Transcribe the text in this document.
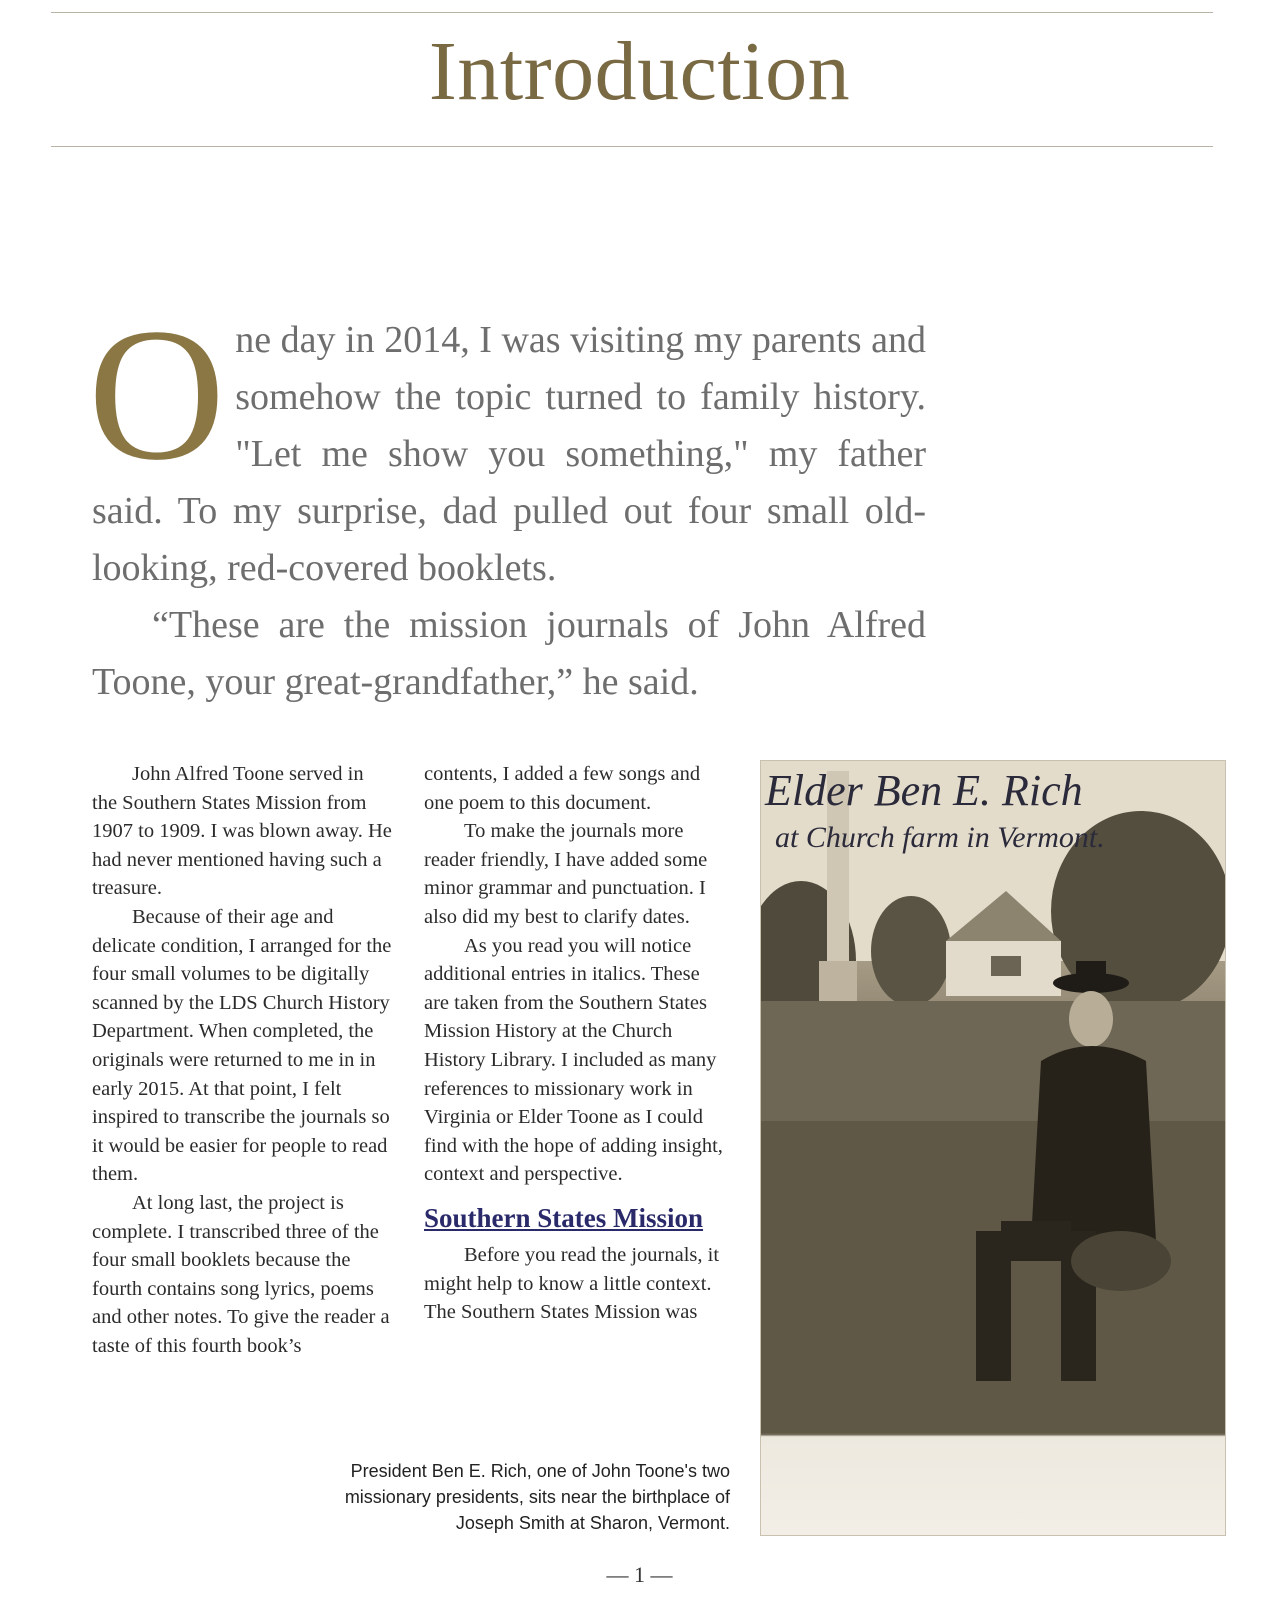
Introduction
O ne day in 2014, I was visiting my parents and somehow the topic turned to family history. "Let me show you something," my father said. To my surprise, dad pulled out four small old-looking, red-covered booklets.

“These are the mission journals of John Alfred Toone, your great-grandfather,” he said.

John Alfred Toone served in the Southern States Mission from 1907 to 1909. I was blown away. He had never mentioned having such a treasure.

Because of their age and delicate condition, I arranged for the four small volumes to be digitally scanned by the LDS Church History Department. When completed, the originals were returned to me in in early 2015. At that point, I felt inspired to transcribe the journals so it would be easier for people to read them.

At long last, the project is complete. I transcribed three of the four small booklets because the fourth contains song lyrics, poems and other notes. To give the reader a taste of this fourth book’s

contents, I added a few songs and one poem to this document.

To make the journals more reader friendly, I have added some minor grammar and punctuation. I also did my best to clarify dates.

As you read you will notice additional entries in italics. These are taken from the Southern States Mission History at the Church History Library. I included as many references to missionary work in Virginia or Elder Toone as I could find with the hope of adding insight, context and perspective.

Southern States Mission

Before you read the journals, it might help to know a little context. The Southern States Mission was

Elder Ben E. Rich
at Church farm in Vermont.

President Ben E. Rich, one of John Toone's two
missionary presidents, sits near the birthplace of
Joseph Smith at Sharon, Vermont.

— 1 —
